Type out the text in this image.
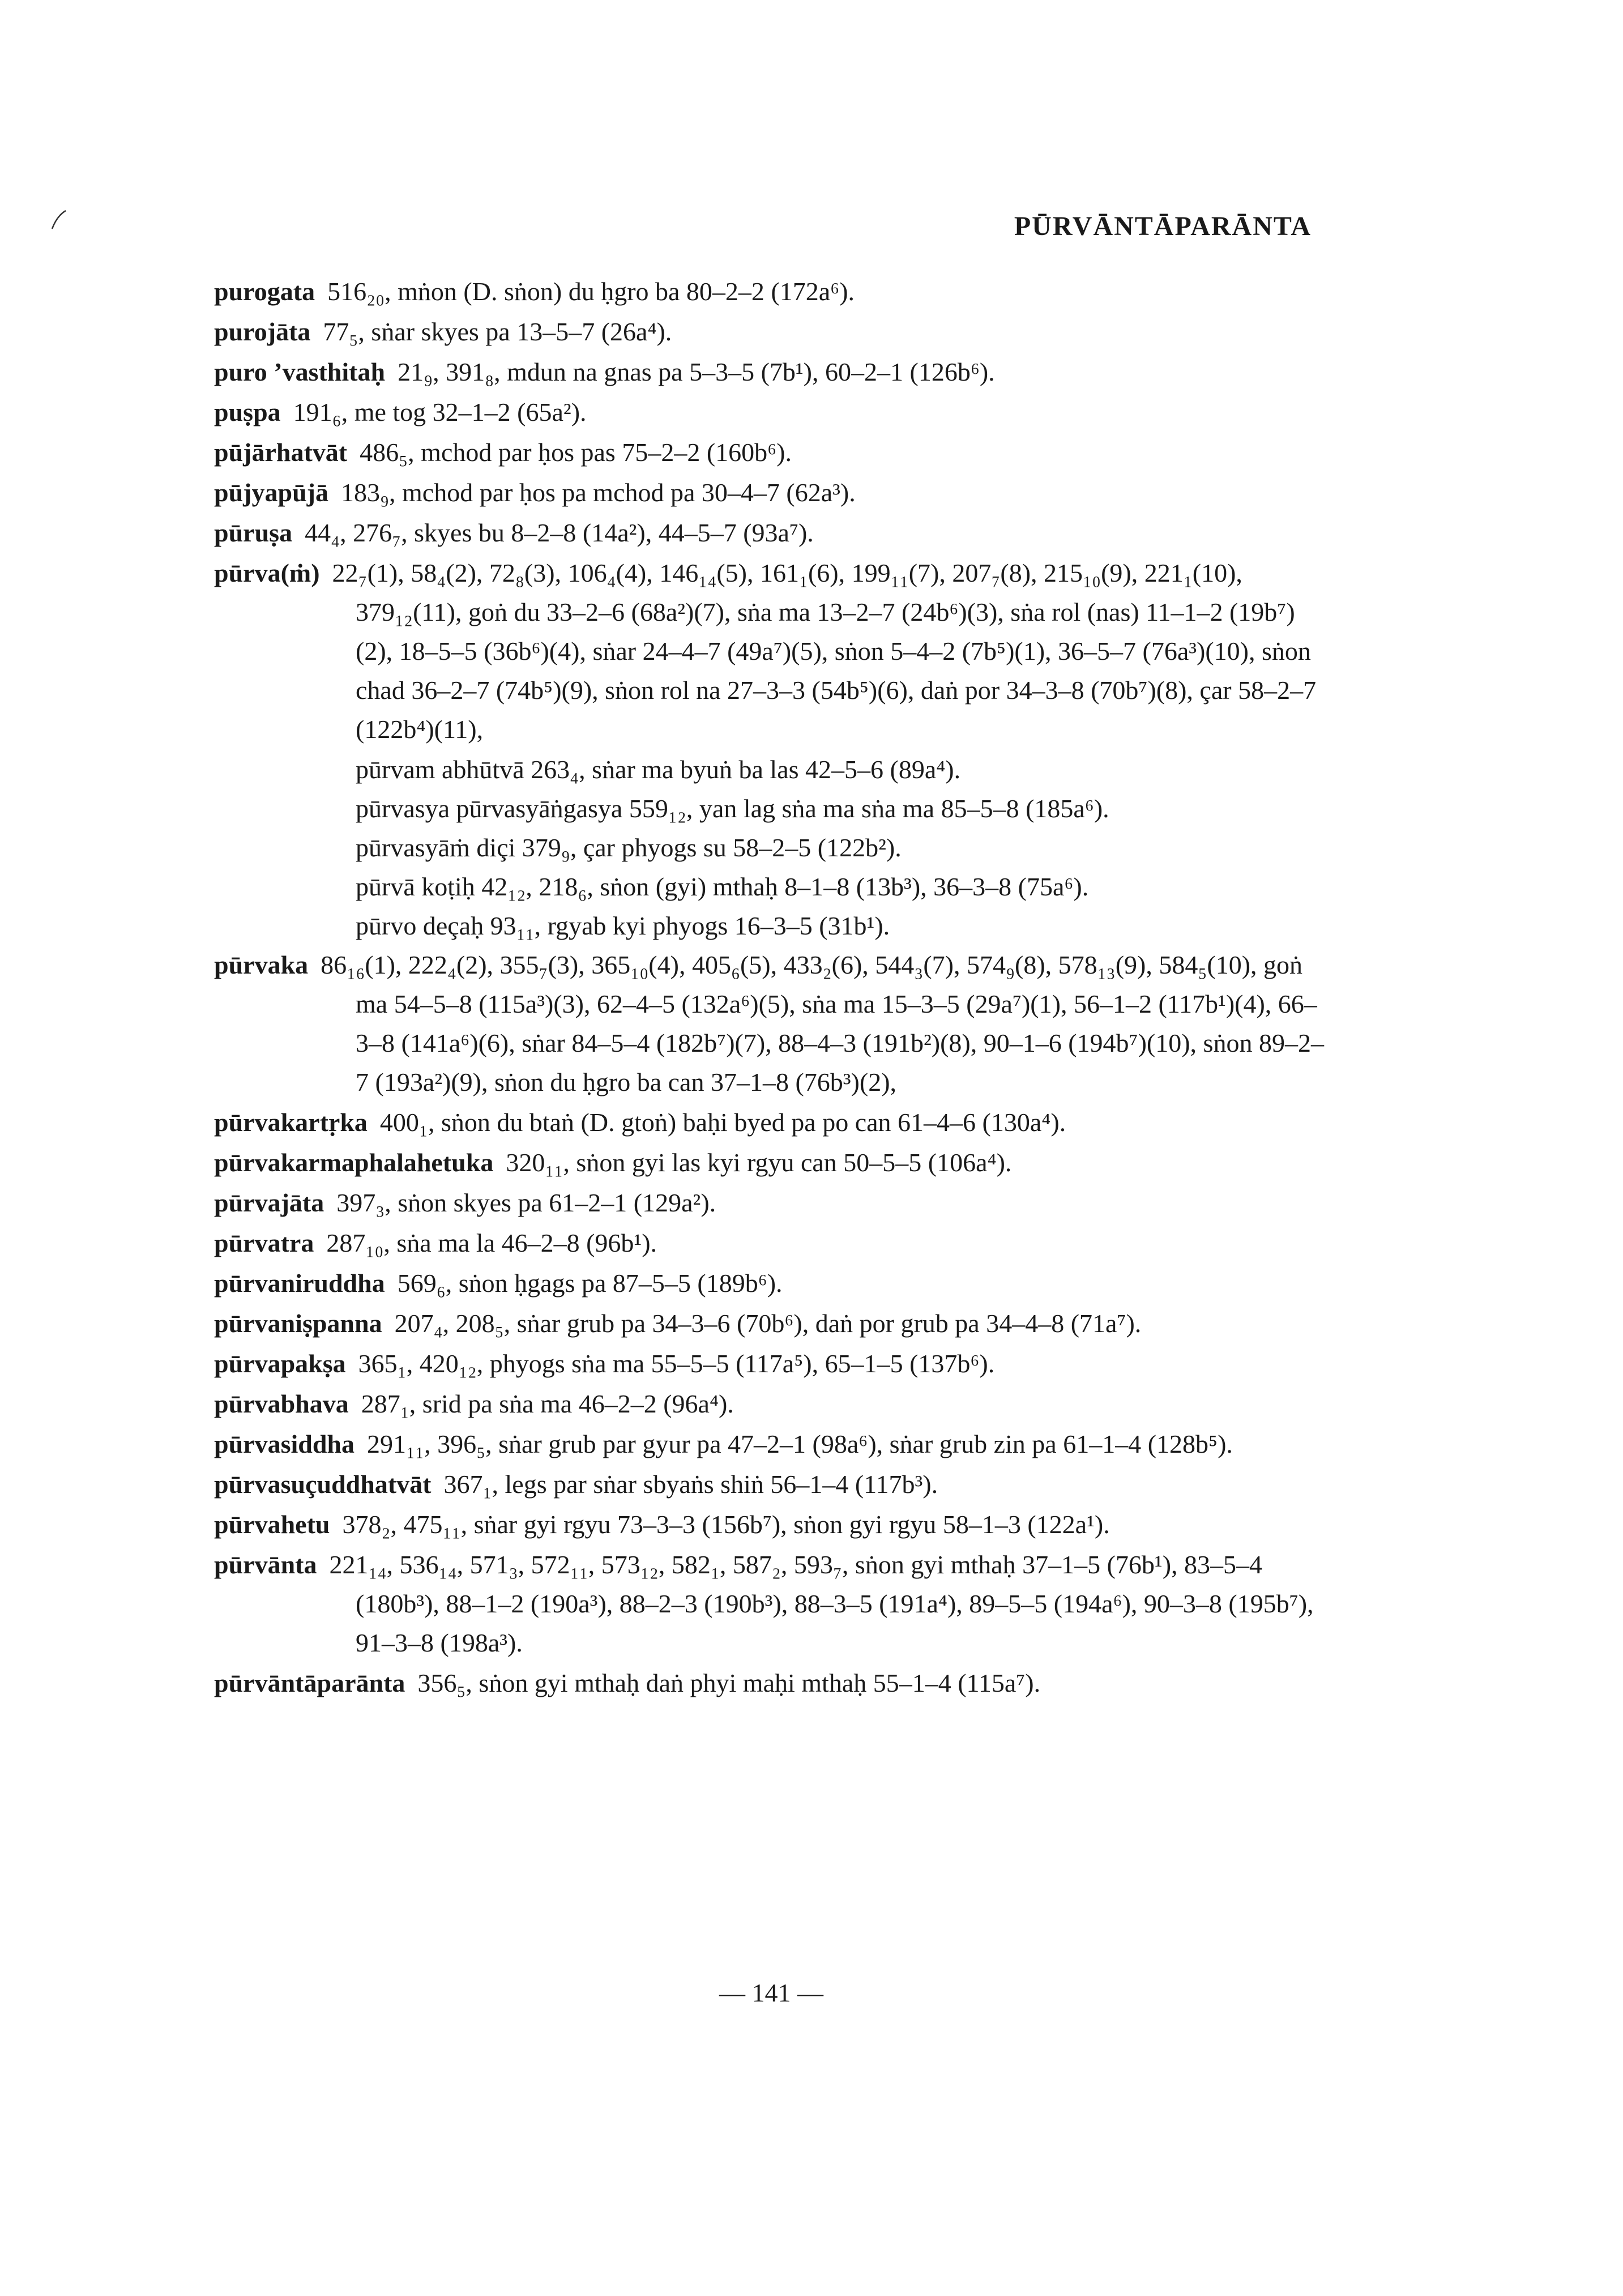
PŪRVĀNTĀPARĀNTA
purogata 516₂₀, mṅon (D. sṅon) du ḥgro ba 80–2–2 (172a⁶).
purojāta 77₅, sṅar skyes pa 13–5–7 (26a⁴).
puro ’vasthitaḥ 21₉, 391₈, mdun na gnas pa 5–3–5 (7b¹), 60–2–1 (126b⁶).
puṣpa 191₆, me tog 32–1–2 (65a²).
pūjārhatvāt 486₅, mchod par ḥos pas 75–2–2 (160b⁶).
pūjyapūjā 183₉, mchod par ḥos pa mchod pa 30–4–7 (62a³).
pūruṣa 44₄, 276₇, skyes bu 8–2–8 (14a²), 44–5–7 (93a⁷).
pūrva(ṁ) 22₇(1), 58₄(2), 72₈(3), 106₄(4), 146₁₄(5), 161₁(6), 199₁₁(7), 207₇(8), 215₁₀(9), 221₁(10), 379₁₂(11), goṅ du 33–2–6 (68a²)(7), sṅa ma 13–2–7 (24b⁶)(3), sṅa rol (nas) 11–1–2 (19b⁷)(2), 18–5–5 (36b⁶)(4), sṅar 24–4–7 (49a⁷)(5), sṅon 5–4–2 (7b⁵)(1), 36–5–7 (76a³)(10), sṅon chad 36–2–7 (74b⁵)(9), sṅon rol na 27–3–3 (54b⁵)(6), daṅ por 34–3–8 (70b⁷)(8), çar 58–2–7 (122b⁴)(11),
pūrvam abhūtvā 263₄, sṅar ma byuṅ ba las 42–5–6 (89a⁴).
pūrvasya pūrvasyāṅgasya 559₁₂, yan lag sṅa ma sṅa ma 85–5–8 (185a⁶).
pūrvasyāṁ diçi 379₉, çar phyogs su 58–2–5 (122b²).
pūrvā koṭiḥ 42₁₂, 218₆, sṅon (gyi) mthaḥ 8–1–8 (13b³), 36–3–8 (75a⁶).
pūrvo deçaḥ 93₁₁, rgyab kyi phyogs 16–3–5 (31b¹).
pūrvaka 86₁₆(1), 222₄(2), 355₇(3), 365₁₀(4), 405₆(5), 433₂(6), 544₃(7), 574₉(8), 578₁₃(9), 584₅(10), goṅ ma 54–5–8 (115a³)(3), 62–4–5 (132a⁶)(5), sṅa ma 15–3–5 (29a⁷)(1), 56–1–2 (117b¹)(4), 66–3–8 (141a⁶)(6), sṅar 84–5–4 (182b⁷)(7), 88–4–3 (191b²)(8), 90–1–6 (194b⁷)(10), sṅon 89–2–7 (193a²)(9), sṅon du ḥgro ba can 37–1–8 (76b³)(2),
pūrvakartṛka 400₁, sṅon du btaṅ (D. gtoṅ) baḥi byed pa po can 61–4–6 (130a⁴).
pūrvakarmaphalahetuka 320₁₁, sṅon gyi las kyi rgyu can 50–5–5 (106a⁴).
pūrvajāta 397₃, sṅon skyes pa 61–2–1 (129a²).
pūrvatra 287₁₀, sṅa ma la 46–2–8 (96b¹).
pūrvaniruddha 569₆, sṅon ḥgags pa 87–5–5 (189b⁶).
pūrvaniṣpanna 207₄, 208₅, sṅar grub pa 34–3–6 (70b⁶), daṅ por grub pa 34–4–8 (71a⁷).
pūrvapakṣa 365₁, 420₁₂, phyogs sṅa ma 55–5–5 (117a⁵), 65–1–5 (137b⁶).
pūrvabhava 287₁, srid pa sṅa ma 46–2–2 (96a⁴).
pūrvasiddha 291₁₁, 396₅, sṅar grub par gyur pa 47–2–1 (98a⁶), sṅar grub zin pa 61–1–4 (128b⁵).
pūrvasuçuddhatvāt 367₁, legs par sṅar sbyaṅs shiṅ 56–1–4 (117b³).
pūrvahetu 378₂, 475₁₁, sṅar gyi rgyu 73–3–3 (156b⁷), sṅon gyi rgyu 58–1–3 (122a¹).
pūrvānta 221₁₄, 536₁₄, 571₃, 572₁₁, 573₁₂, 582₁, 587₂, 593₇, sṅon gyi mthaḥ 37–1–5 (76b¹), 83–5–4 (180b³), 88–1–2 (190a³), 88–2–3 (190b³), 88–3–5 (191a⁴), 89–5–5 (194a⁶), 90–3–8 (195b⁷), 91–3–8 (198a³).
pūrvāntāparānta 356₅, sṅon gyi mthaḥ daṅ phyi maḥi mthaḥ 55–1–4 (115a⁷).
— 141 —
